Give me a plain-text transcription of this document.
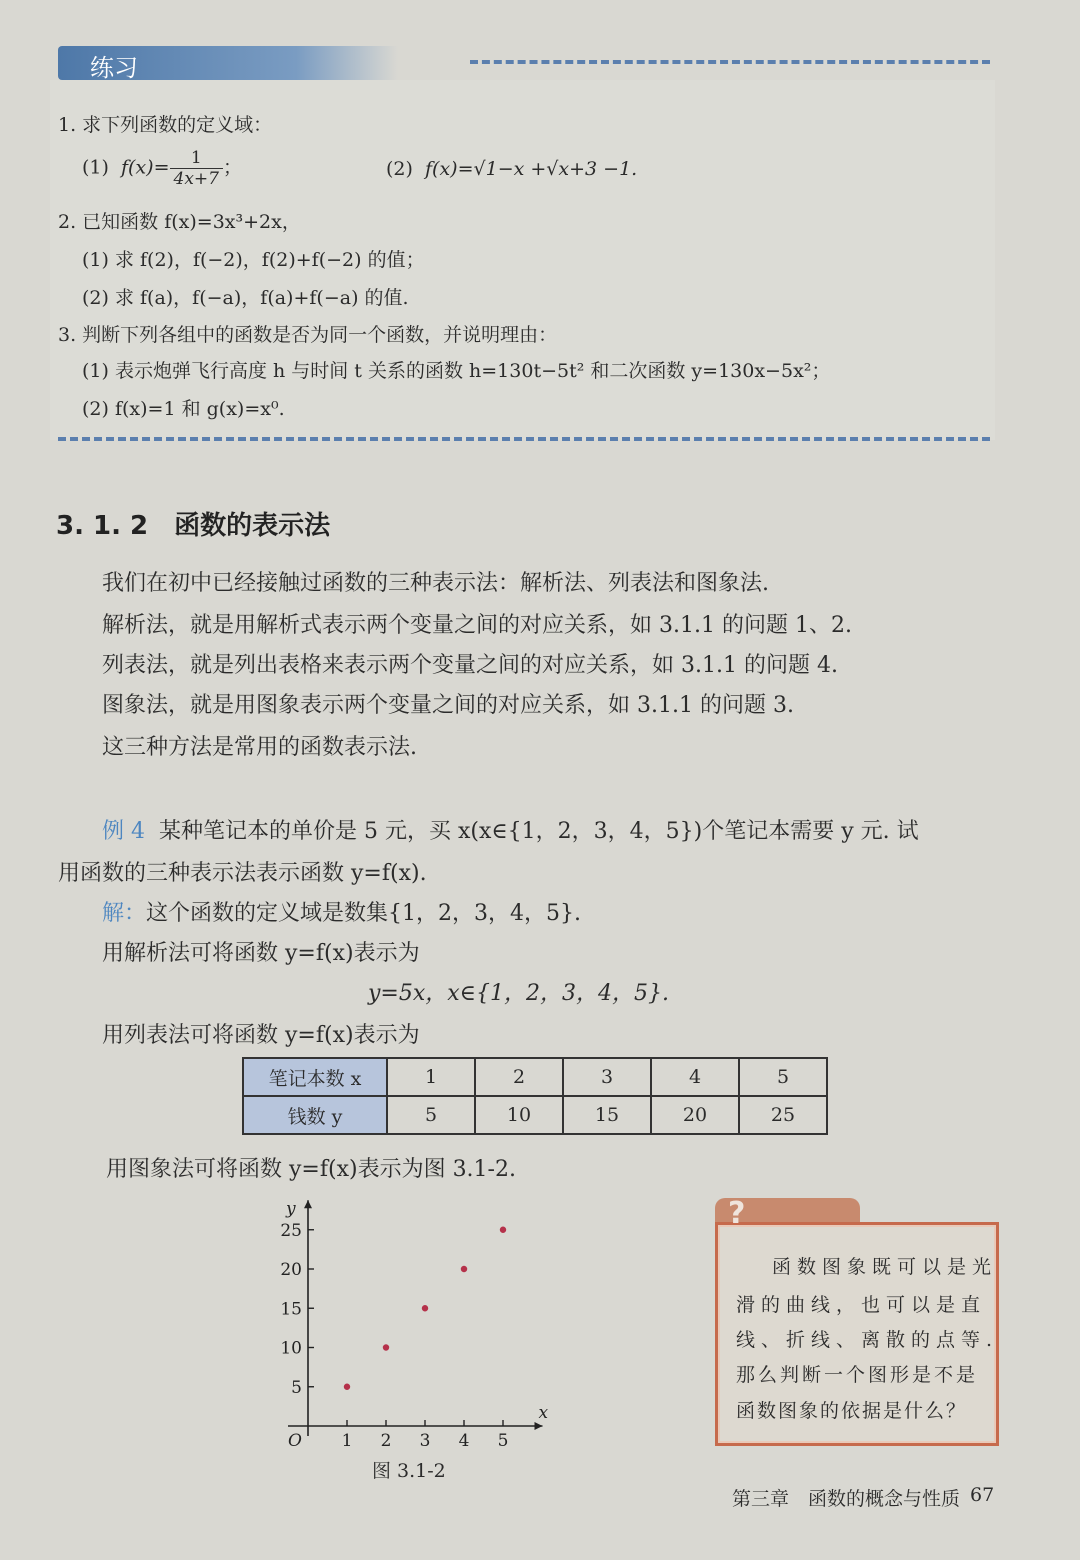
练习
1. 求下列函数的定义域：
(1) $f(x)= \frac{1}{4x+7}$ ；	(2) f(x)=√1−x +√x+3 −1.
2. 已知函数 f(x)=3x³+2x，
(1) 求 f(2)，f(−2)，f(2)+f(−2) 的值；
(2) 求 f(a)，f(−a)，f(a)+f(−a) 的值.
3. 判断下列各组中的函数是否为同一个函数，并说明理由：
(1) 表示炮弹飞行高度 h 与时间 t 关系的函数 h=130t−5t² 和二次函数 y=130x−5x²；
(2) f(x)=1 和 g(x)=x⁰.
3. 1. 2　函数的表示法
我们在初中已经接触过函数的三种表示法：解析法、列表法和图象法.
解析法，就是用解析式表示两个变量之间的对应关系，如 3.1.1 的问题 1、2.
列表法，就是列出表格来表示两个变量之间的对应关系，如 3.1.1 的问题 4.
图象法，就是用图象表示两个变量之间的对应关系，如 3.1.1 的问题 3.
这三种方法是常用的函数表示法.
例 4 某种笔记本的单价是 5 元，买 x(x∈{1，2，3，4，5})个笔记本需要 y 元. 试
用函数的三种表示法表示函数 y=f(x).
解：这个函数的定义域是数集{1，2，3，4，5}.
用解析法可将函数 y=f(x)表示为
y=5x，x∈{1，2，3，4，5}.
用列表法可将函数 y=f(x)表示为
笔记本数 x	1	2	3	4	5
钱数 y	5	10	15	20	25
用图象法可将函数 y=f(x)表示为图 3.1-2.
1 2 3 4 5
5
10
15
20
25
x
y
O
图 3.1-2
?
函数图象既可以是光
滑的曲线，也可以是直
线、折线、离散的点等.
那么判断一个图形是不是
函数图象的依据是什么？
第三章　函数的概念与性质 67
